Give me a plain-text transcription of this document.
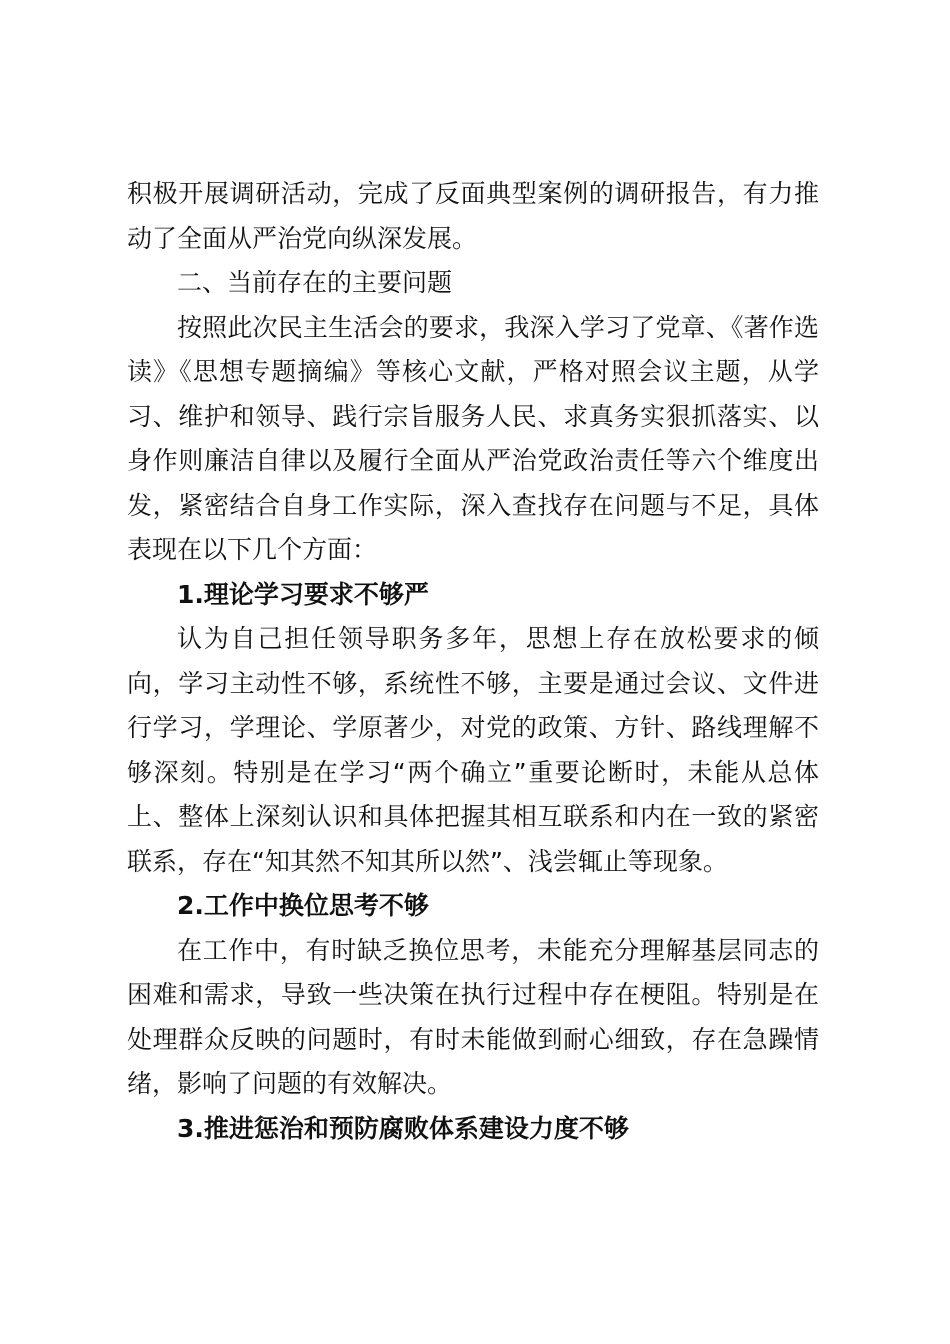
积极开展调研活动，完成了反面典型案例的调研报告，有力推动了全面从严治党向纵深发展。

二、当前存在的主要问题

按照此次民主生活会的要求，我深入学习了党章、《著作选读》《思想专题摘编》等核心文献，严格对照会议主题，从学习、维护和领导、践行宗旨服务人民、求真务实狠抓落实、以身作则廉洁自律以及履行全面从严治党政治责任等六个维度出发，紧密结合自身工作实际，深入查找存在问题与不足，具体表现在以下几个方面：

1.理论学习要求不够严

认为自己担任领导职务多年，思想上存在放松要求的倾向，学习主动性不够，系统性不够，主要是通过会议、文件进行学习，学理论、学原著少，对党的政策、方针、路线理解不够深刻。特别是在学习“两个确立”重要论断时，未能从总体上、整体上深刻认识和具体把握其相互联系和内在一致的紧密联系，存在“知其然不知其所以然”、浅尝辄止等现象。

2.工作中换位思考不够

在工作中，有时缺乏换位思考，未能充分理解基层同志的困难和需求，导致一些决策在执行过程中存在梗阻。特别是在处理群众反映的问题时，有时未能做到耐心细致，存在急躁情绪，影响了问题的有效解决。

3.推进惩治和预防腐败体系建设力度不够
